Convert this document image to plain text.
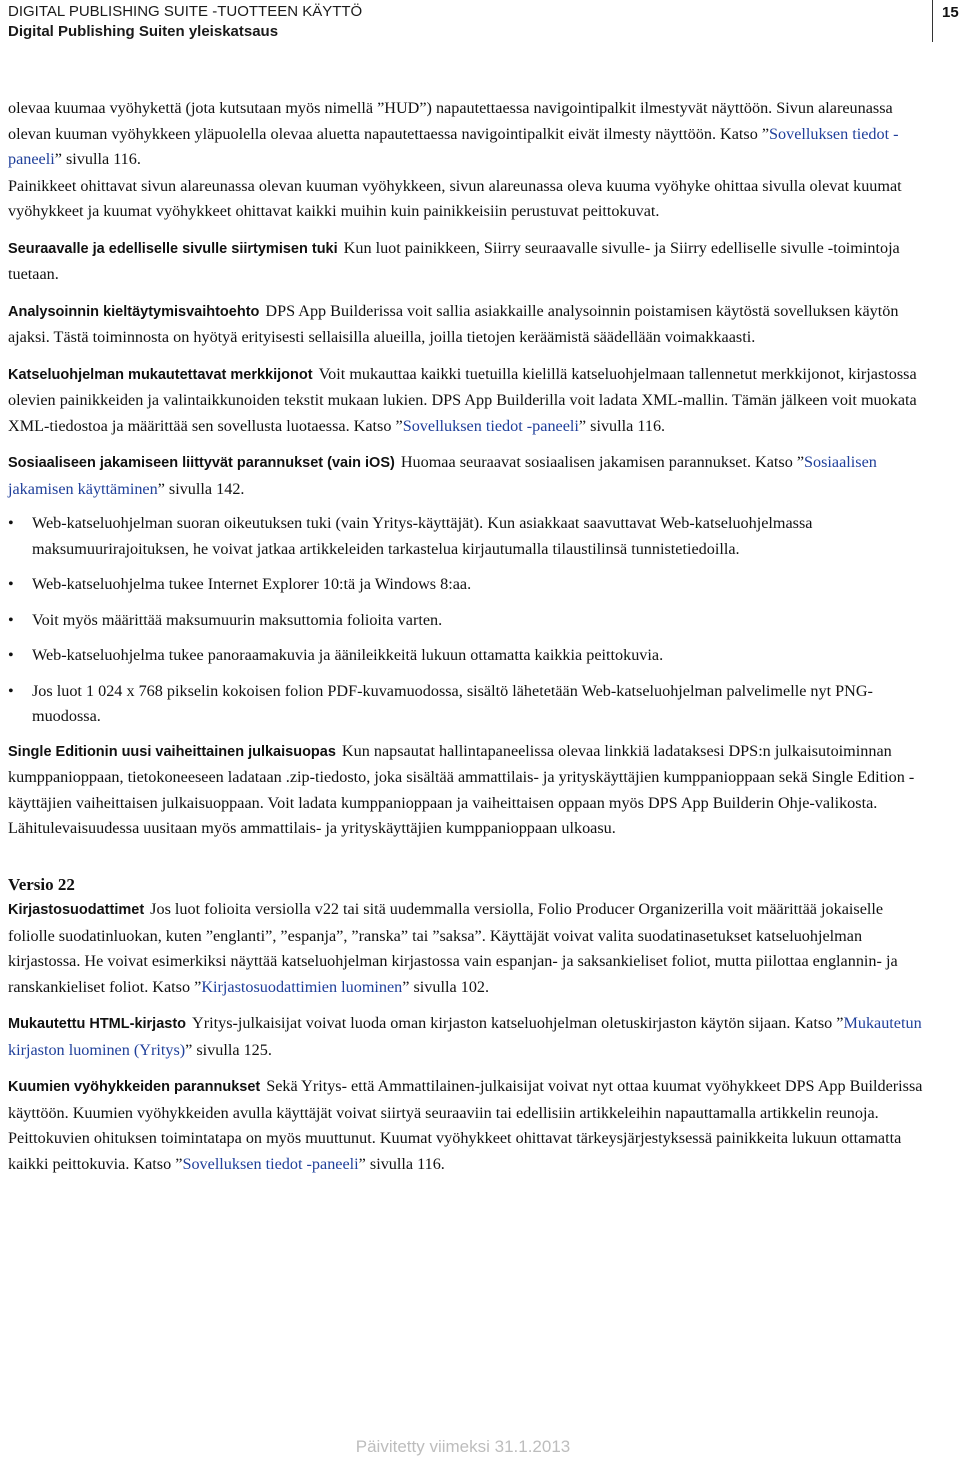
DIGITAL PUBLISHING SUITE -TUOTTEEN KÄYTTÖ
Digital Publishing Suiten yleiskatsaus
15

olevaa kuumaa vyöhykettä (jota kutsutaan myös nimellä ”HUD”) napautettaessa navigointipalkit ilmestyvät näyttöön. Sivun alareunassa olevan kuuman vyöhykkeen yläpuolella olevaa aluetta napautettaessa navigointipalkit eivät ilmesty näyttöön. Katso ”Sovelluksen tiedot -paneeli” sivulla 116.

Painikkeet ohittavat sivun alareunassa olevan kuuman vyöhykkeen, sivun alareunassa oleva kuuma vyöhyke ohittaa sivulla olevat kuumat vyöhykkeet ja kuumat vyöhykkeet ohittavat kaikki muihin kuin painikkeisiin perustuvat peittokuvat.

Seuraavalle ja edelliselle sivulle siirtymisen tuki Kun luot painikkeen, Siirry seuraavalle sivulle- ja Siirry edelliselle sivulle -toimintoja tuetaan.

Analysoinnin kieltäytymisvaihtoehto DPS App Builderissa voit sallia asiakkaille analysoinnin poistamisen käytöstä sovelluksen käytön ajaksi. Tästä toiminnosta on hyötyä erityisesti sellaisilla alueilla, joilla tietojen keräämistä säädellään voimakkaasti.

Katseluohjelman mukautettavat merkkijonot Voit mukauttaa kaikki tuetuilla kielillä katseluohjelmaan tallennetut merkkijonot, kirjastossa olevien painikkeiden ja valintaikkunoiden tekstit mukaan lukien. DPS App Builderilla voit ladata XML-mallin. Tämän jälkeen voit muokata XML-tiedostoa ja määrittää sen sovellusta luotaessa. Katso ”Sovelluksen tiedot -paneeli” sivulla 116.

Sosiaaliseen jakamiseen liittyvät parannukset (vain iOS) Huomaa seuraavat sosiaalisen jakamisen parannukset. Katso ”Sosiaalisen jakamisen käyttäminen” sivulla 142.

• Web-katseluohjelman suoran oikeutuksen tuki (vain Yritys-käyttäjät). Kun asiakkaat saavuttavat Web-katseluohjelmassa maksumuurirajoituksen, he voivat jatkaa artikkeleiden tarkastelua kirjautumalla tilaustilinsä tunnistetiedoilla.
• Web-katseluohjelma tukee Internet Explorer 10:tä ja Windows 8:aa.
• Voit myös määrittää maksumuurin maksuttomia folioita varten.
• Web-katseluohjelma tukee panoraamakuvia ja äänileikkeitä lukuun ottamatta kaikkia peittokuvia.
• Jos luot 1 024 x 768 pikselin kokoisen folion PDF-kuvamuodossa, sisältö lähetetään Web-katseluohjelman palvelimelle nyt PNG-muodossa.

Single Editionin uusi vaiheittainen julkaisuopas Kun napsautat hallintapaneelissa olevaa linkkiä ladataksesi DPS:n julkaisutoiminnan kumppanioppaan, tietokoneeseen ladataan .zip-tiedosto, joka sisältää ammattilais- ja yrityskäyttäjien kumppanioppaan sekä Single Edition -käyttäjien vaiheittaisen julkaisuoppaan. Voit ladata kumppanioppaan ja vaiheittaisen oppaan myös DPS App Builderin Ohje-valikosta. Lähitulevaisuudessa uusitaan myös ammattilais- ja yrityskäyttäjien kumppanioppaan ulkoasu.

Versio 22

Kirjastosuodattimet Jos luot folioita versiolla v22 tai sitä uudemmalla versiolla, Folio Producer Organizerilla voit määrittää jokaiselle foliolle suodatinluokan, kuten ”englanti”, ”espanja”, ”ranska” tai ”saksa”. Käyttäjät voivat valita suodatinasetukset katseluohjelman kirjastossa. He voivat esimerkiksi näyttää katseluohjelman kirjastossa vain espanjan- ja saksankieliset foliot, mutta piilottaa englannin- ja ranskankieliset foliot. Katso ”Kirjastosuodattimien luominen” sivulla 102.

Mukautettu HTML-kirjasto Yritys-julkaisijat voivat luoda oman kirjaston katseluohjelman oletuskirjaston käytön sijaan. Katso ”Mukautetun kirjaston luominen (Yritys)” sivulla 125.

Kuumien vyöhykkeiden parannukset Sekä Yritys- että Ammattilainen-julkaisijat voivat nyt ottaa kuumat vyöhykkeet DPS App Builderissa käyttöön. Kuumien vyöhykkeiden avulla käyttäjät voivat siirtyä seuraaviin tai edellisiin artikkeleihin napauttamalla artikkelin reunoja. Peittokuvien ohituksen toimintatapa on myös muuttunut. Kuumat vyöhykkeet ohittavat tärkeysjärjestyksessä painikkeita lukuun ottamatta kaikki peittokuvia. Katso ”Sovelluksen tiedot -paneeli” sivulla 116.

Päivitetty viimeksi 31.1.2013
